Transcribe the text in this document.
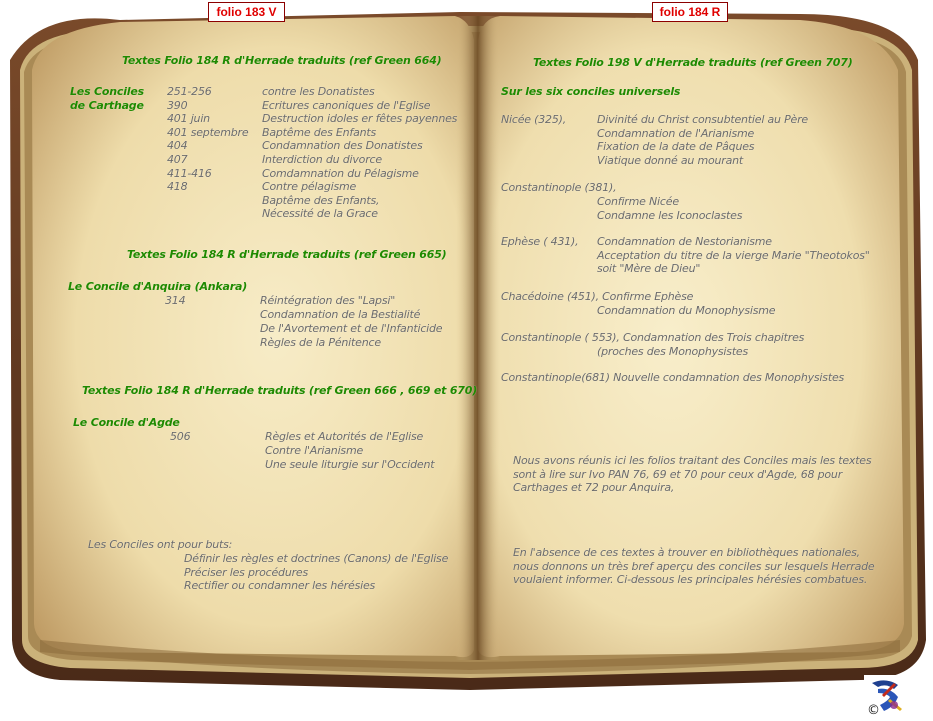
folio 183 V	folio 184 R
Textes Folio 184 R d'Herrade traduits (ref Green 664)
Les Conciles
de Carthage
251-256	contre les Donatistes
390	Ecritures canoniques de l'Eglise
401 juin	Destruction idoles er fêtes payennes
401 septembre Baptême des Enfants
404	Condamnation des Donatistes
407	Interdiction du divorce
411-416	Comdamnation du Pélagisme
418	Contre pélagisme
Baptême des Enfants,
Nécessité de la Grace
Textes Folio 184 R d'Herrade traduits (ref Green 665)
Le Concile d'Anquira (Ankara)
314	Réintégration des "Lapsi"
Condamnation de la Bestialité
De l'Avortement et de l'Infanticide
Règles de la Pénitence
Textes Folio 184 R d'Herrade traduits (ref Green 666 , 669 et 670)
Le Concile d'Agde
506	Règles et Autorités de l'Eglise
Contre l'Arianisme
Une seule liturgie sur l'Occident
Les Conciles ont pour buts:
Définir les règles et doctrines (Canons) de l'Eglise
Préciser les procédures
Rectifier ou condamner les hérésies
Textes Folio 198 V d'Herrade traduits (ref Green 707)
Sur les six conciles universels
Nicée (325),	Divinité du Christ consubtentiel au Père
Condamnation de l'Arianisme
Fixation de la date de Pâques
Viatique donné au mourant
Constantinople (381),
Confirme Nicée
Condamne les Iconoclastes
Ephèse ( 431), Condamnation de Nestorianisme
Acceptation du titre de la vierge Marie "Theotokos"
soit "Mère de Dieu"
Chacédoine (451), Confirme Ephèse
Condamnation du Monophysisme
Constantinople ( 553), Condamnation des Trois chapitres
(proches des Monophysistes
Constantinople(681) Nouvelle condamnation des Monophysistes
Nous avons réunis ici les folios traitant des Conciles mais les textes
sont à lire sur Ivo PAN 76, 69 et 70 pour ceux d'Agde, 68 pour
Carthages et 72 pour Anquira,
En l'absence de ces textes à trouver en bibliothèques nationales,
nous donnons un très bref aperçu des conciles sur lesquels Herrade
voulaient informer. Ci-dessous les principales hérésies combatues.
©
